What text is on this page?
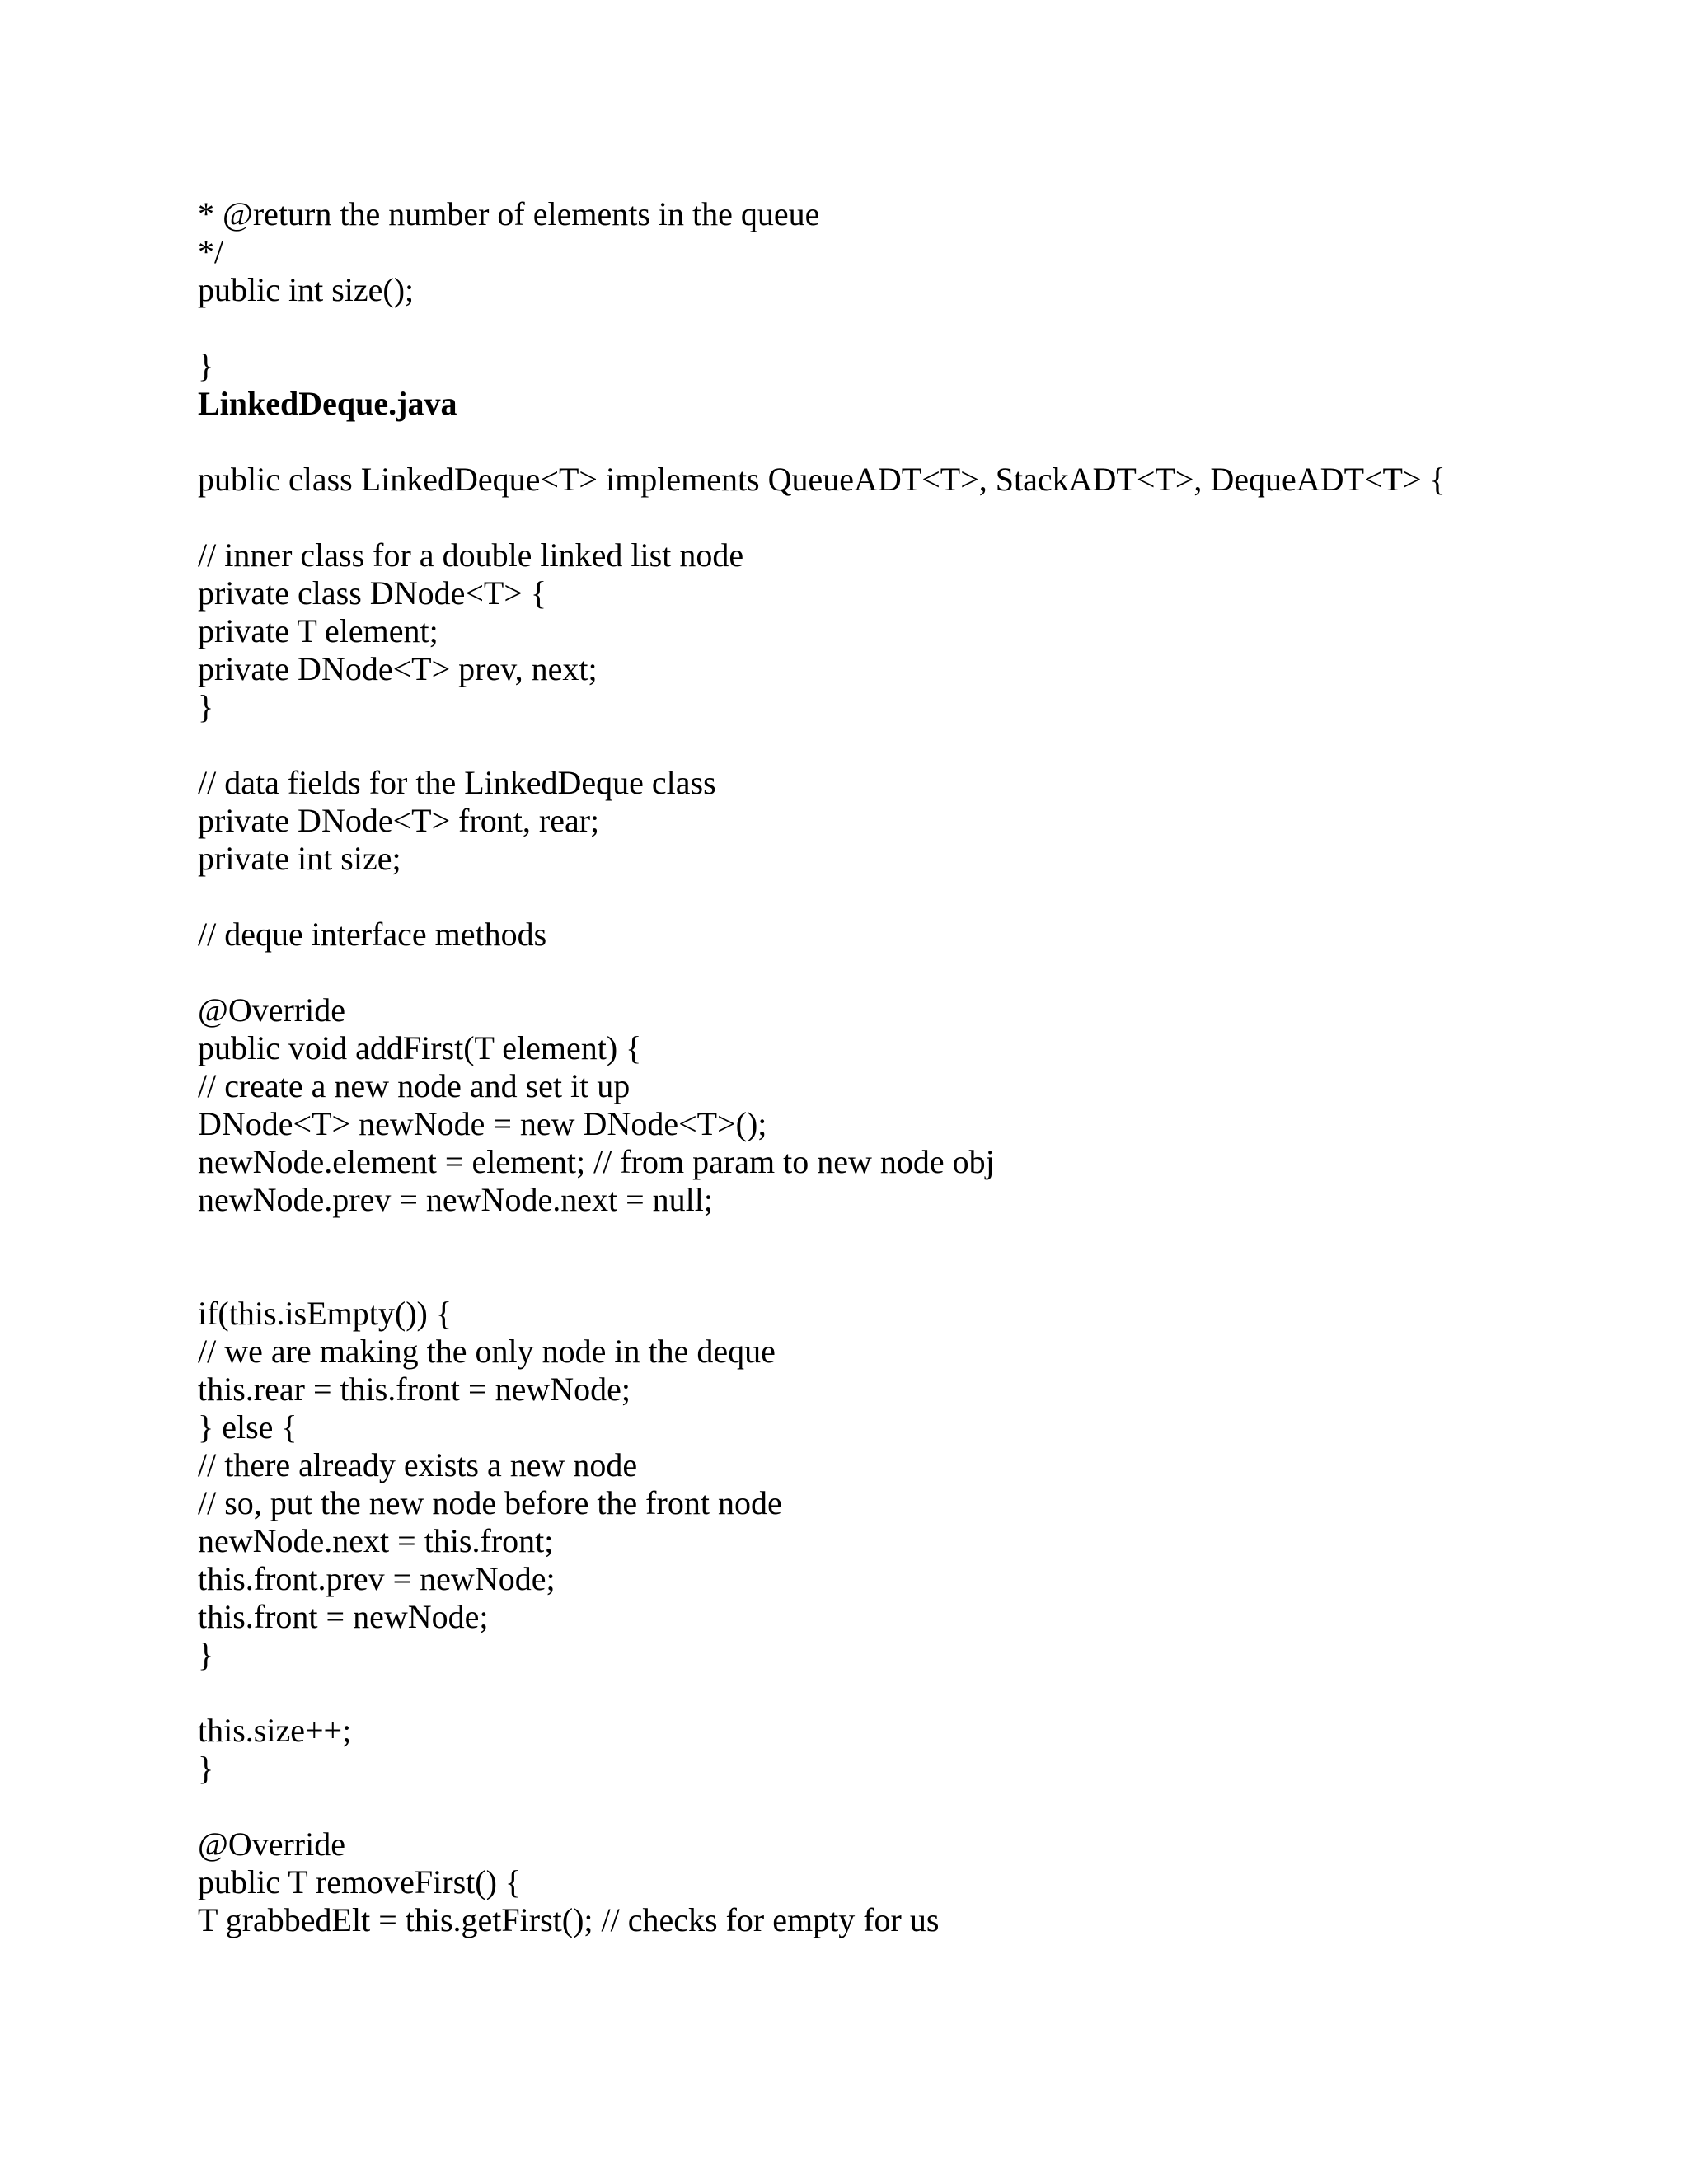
* @return the number of elements in the queue
*/
public int size();
}
LinkedDeque.java
public class LinkedDeque<T> implements QueueADT<T>, StackADT<T>, DequeADT<T> {
// inner class for a double linked list node
private class DNode<T> {
private T element;
private DNode<T> prev, next;
}
// data fields for the LinkedDeque class
private DNode<T> front, rear;
private int size;
// deque interface methods
@Override
public void addFirst(T element) {
// create a new node and set it up
DNode<T> newNode = new DNode<T>();
newNode.element = element; // from param to new node obj
newNode.prev = newNode.next = null;
if(this.isEmpty()) {
// we are making the only node in the deque
this.rear = this.front = newNode;
} else {
// there already exists a new node
// so, put the new node before the front node
newNode.next = this.front;
this.front.prev = newNode;
this.front = newNode;
}
this.size++;
}
@Override
public T removeFirst() {
T grabbedElt = this.getFirst(); // checks for empty for us
